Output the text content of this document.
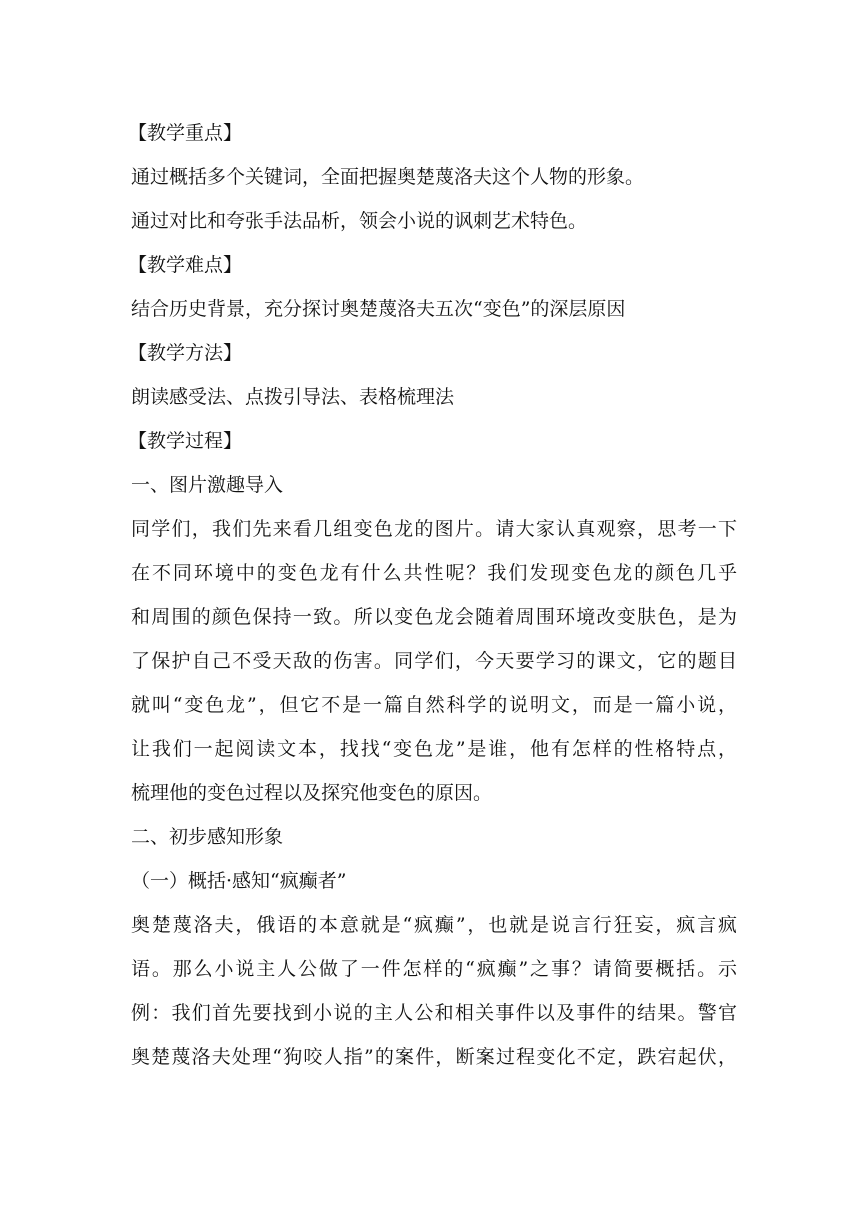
【教学重点】
通过概括多个关键词，全面把握奥楚蔑洛夫这个人物的形象。
通过对比和夸张手法品析，领会小说的讽刺艺术特色。
【教学难点】
结合历史背景，充分探讨奥楚蔑洛夫五次“变色”的深层原因
【教学方法】
朗读感受法、点拨引导法、表格梳理法
【教学过程】
一、图片激趣导入
同学们，我们先来看几组变色龙的图片。请大家认真观察，思考一下
在不同环境中的变色龙有什么共性呢？我们发现变色龙的颜色几乎
和周围的颜色保持一致。所以变色龙会随着周围环境改变肤色，是为
了保护自己不受天敌的伤害。同学们，今天要学习的课文，它的题目
就叫“变色龙”，但它不是一篇自然科学的说明文，而是一篇小说，
让我们一起阅读文本，找找“变色龙”是谁，他有怎样的性格特点，
梳理他的变色过程以及探究他变色的原因。
二、初步感知形象
（一）概括·感知“疯癫者”
奥楚蔑洛夫，俄语的本意就是“疯癫”，也就是说言行狂妄，疯言疯
语。那么小说主人公做了一件怎样的“疯癫”之事？请简要概括。示
例：我们首先要找到小说的主人公和相关事件以及事件的结果。警官
奥楚蔑洛夫处理“狗咬人指”的案件，断案过程变化不定，跌宕起伏，
